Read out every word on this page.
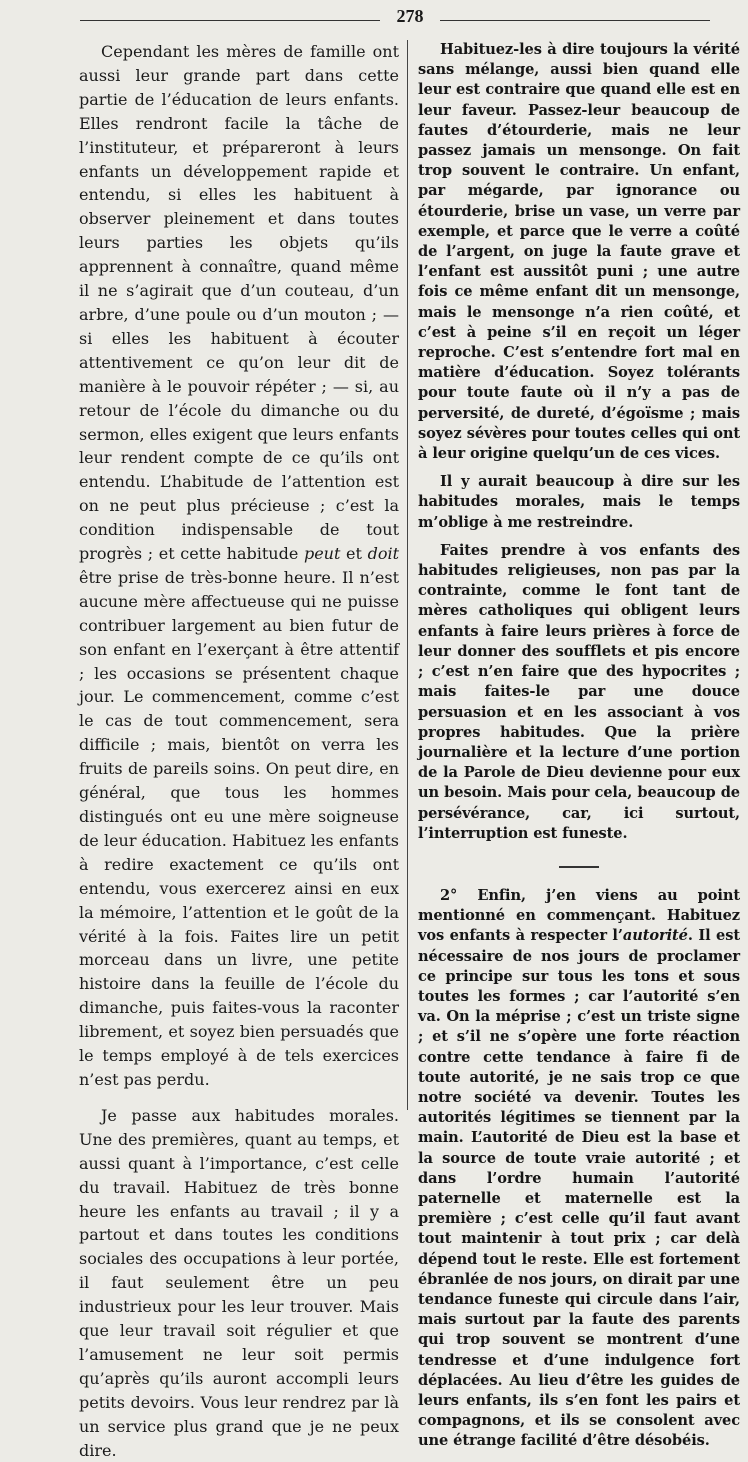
278

Cependant les mères de famille ont aussi leur grande part dans cette partie de l’éducation de leurs enfants. Elles rendront facile la tâche de l’instituteur, et prépareront à leurs enfants un développement rapide et entendu, si elles les habituent à observer pleinement et dans toutes leurs parties les objets qu’ils apprennent à connaître, quand même il ne s’agirait que d’un couteau, d’un arbre, d’une poule ou d’un mouton ; — si elles les habituent à écouter attentivement ce qu’on leur dit de manière à le pouvoir répéter ; — si, au retour de l’école du dimanche ou du sermon, elles exigent que leurs enfants leur rendent compte de ce qu’ils ont entendu. L’habitude de l’attention est on ne peut plus précieuse ; c’est la condition indispensable de tout progrès ; et cette habitude peut et doit être prise de très-bonne heure. Il n’est aucune mère affectueuse qui ne puisse contribuer largement au bien futur de son enfant en l’exerçant à être attentif ; les occasions se présentent chaque jour. Le commencement, comme c’est le cas de tout commencement, sera difficile ; mais, bientôt on verra les fruits de pareils soins. On peut dire, en général, que tous les hommes distingués ont eu une mère soigneuse de leur éducation. Habituez les enfants à redire exactement ce qu’ils ont entendu, vous exercerez ainsi en eux la mémoire, l’attention et le goût de la vérité à la fois. Faites lire un petit morceau dans un livre, une petite histoire dans la feuille de l’école du dimanche, puis faites-vous la raconter librement, et soyez bien persuadés que le temps employé à de tels exercices n’est pas perdu.

Je passe aux habitudes morales. Une des premières, quant au temps, et aussi quant à l’importance, c’est celle du travail. Habituez de très bonne heure les enfants au travail ; il y a partout et dans toutes les conditions sociales des occupations à leur portée, il faut seulement être un peu industrieux pour les leur trouver. Mais que leur travail soit régulier et que l’amusement ne leur soit permis qu’après qu’ils auront accompli leurs petits devoirs. Vous leur rendrez par là un service plus grand que je ne peux dire.

Habituez-les à dire toujours la vérité sans mélange, aussi bien quand elle leur est contraire que quand elle est en leur faveur. Passez-leur beaucoup de fautes d’étourderie, mais ne leur passez jamais un mensonge. On fait trop souvent le contraire. Un enfant, par mégarde, par ignorance ou étourderie, brise un vase, un verre par exemple, et parce que le verre a coûté de l’argent, on juge la faute grave et l’enfant est aussitôt puni ; une autre fois ce même enfant dit un mensonge, mais le mensonge n’a rien coûté, et c’est à peine s’il en reçoit un léger reproche. C’est s’entendre fort mal en matière d’éducation. Soyez tolérants pour toute faute où il n’y a pas de perversité, de dureté, d’égoïsme ; mais soyez sévères pour toutes celles qui ont à leur origine quelqu’un de ces vices.

Il y aurait beaucoup à dire sur les habitudes morales, mais le temps m’oblige à me restreindre.

Faites prendre à vos enfants des habitudes religieuses, non pas par la contrainte, comme le font tant de mères catholiques qui obligent leurs enfants à faire leurs prières à force de leur donner des soufflets et pis encore ; c’est n’en faire que des hypocrites ; mais faites-le par une douce persuasion et en les associant à vos propres habitudes. Que la prière journalière et la lecture d’une portion de la Parole de Dieu devienne pour eux un besoin. Mais pour cela, beaucoup de persévérance, car, ici surtout, l’interruption est funeste.

2° Enfin, j’en viens au point mentionné en commençant. Habituez vos enfants à respecter l’autorité. Il est nécessaire de nos jours de proclamer ce principe sur tous les tons et sous toutes les formes ; car l’autorité s’en va. On la méprise ; c’est un triste signe ; et s’il ne s’opère une forte réaction contre cette tendance à faire fi de toute autorité, je ne sais trop ce que notre société va devenir. Toutes les autorités légitimes se tiennent par la main. L’autorité de Dieu est la base et la source de toute vraie autorité ; et dans l’ordre humain l’autorité paternelle et maternelle est la première ; c’est celle qu’il faut avant tout maintenir à tout prix ; car delà dépend tout le reste. Elle est fortement ébranlée de nos jours, on dirait par une tendance funeste qui circule dans l’air, mais surtout par la faute des parents qui trop souvent se montrent d’une tendresse et d’une indulgence fort déplacées. Au lieu d’être les guides de leurs enfants, ils s’en font les pairs et compagnons, et ils se consolent avec une étrange facilité d’être désobéis.
